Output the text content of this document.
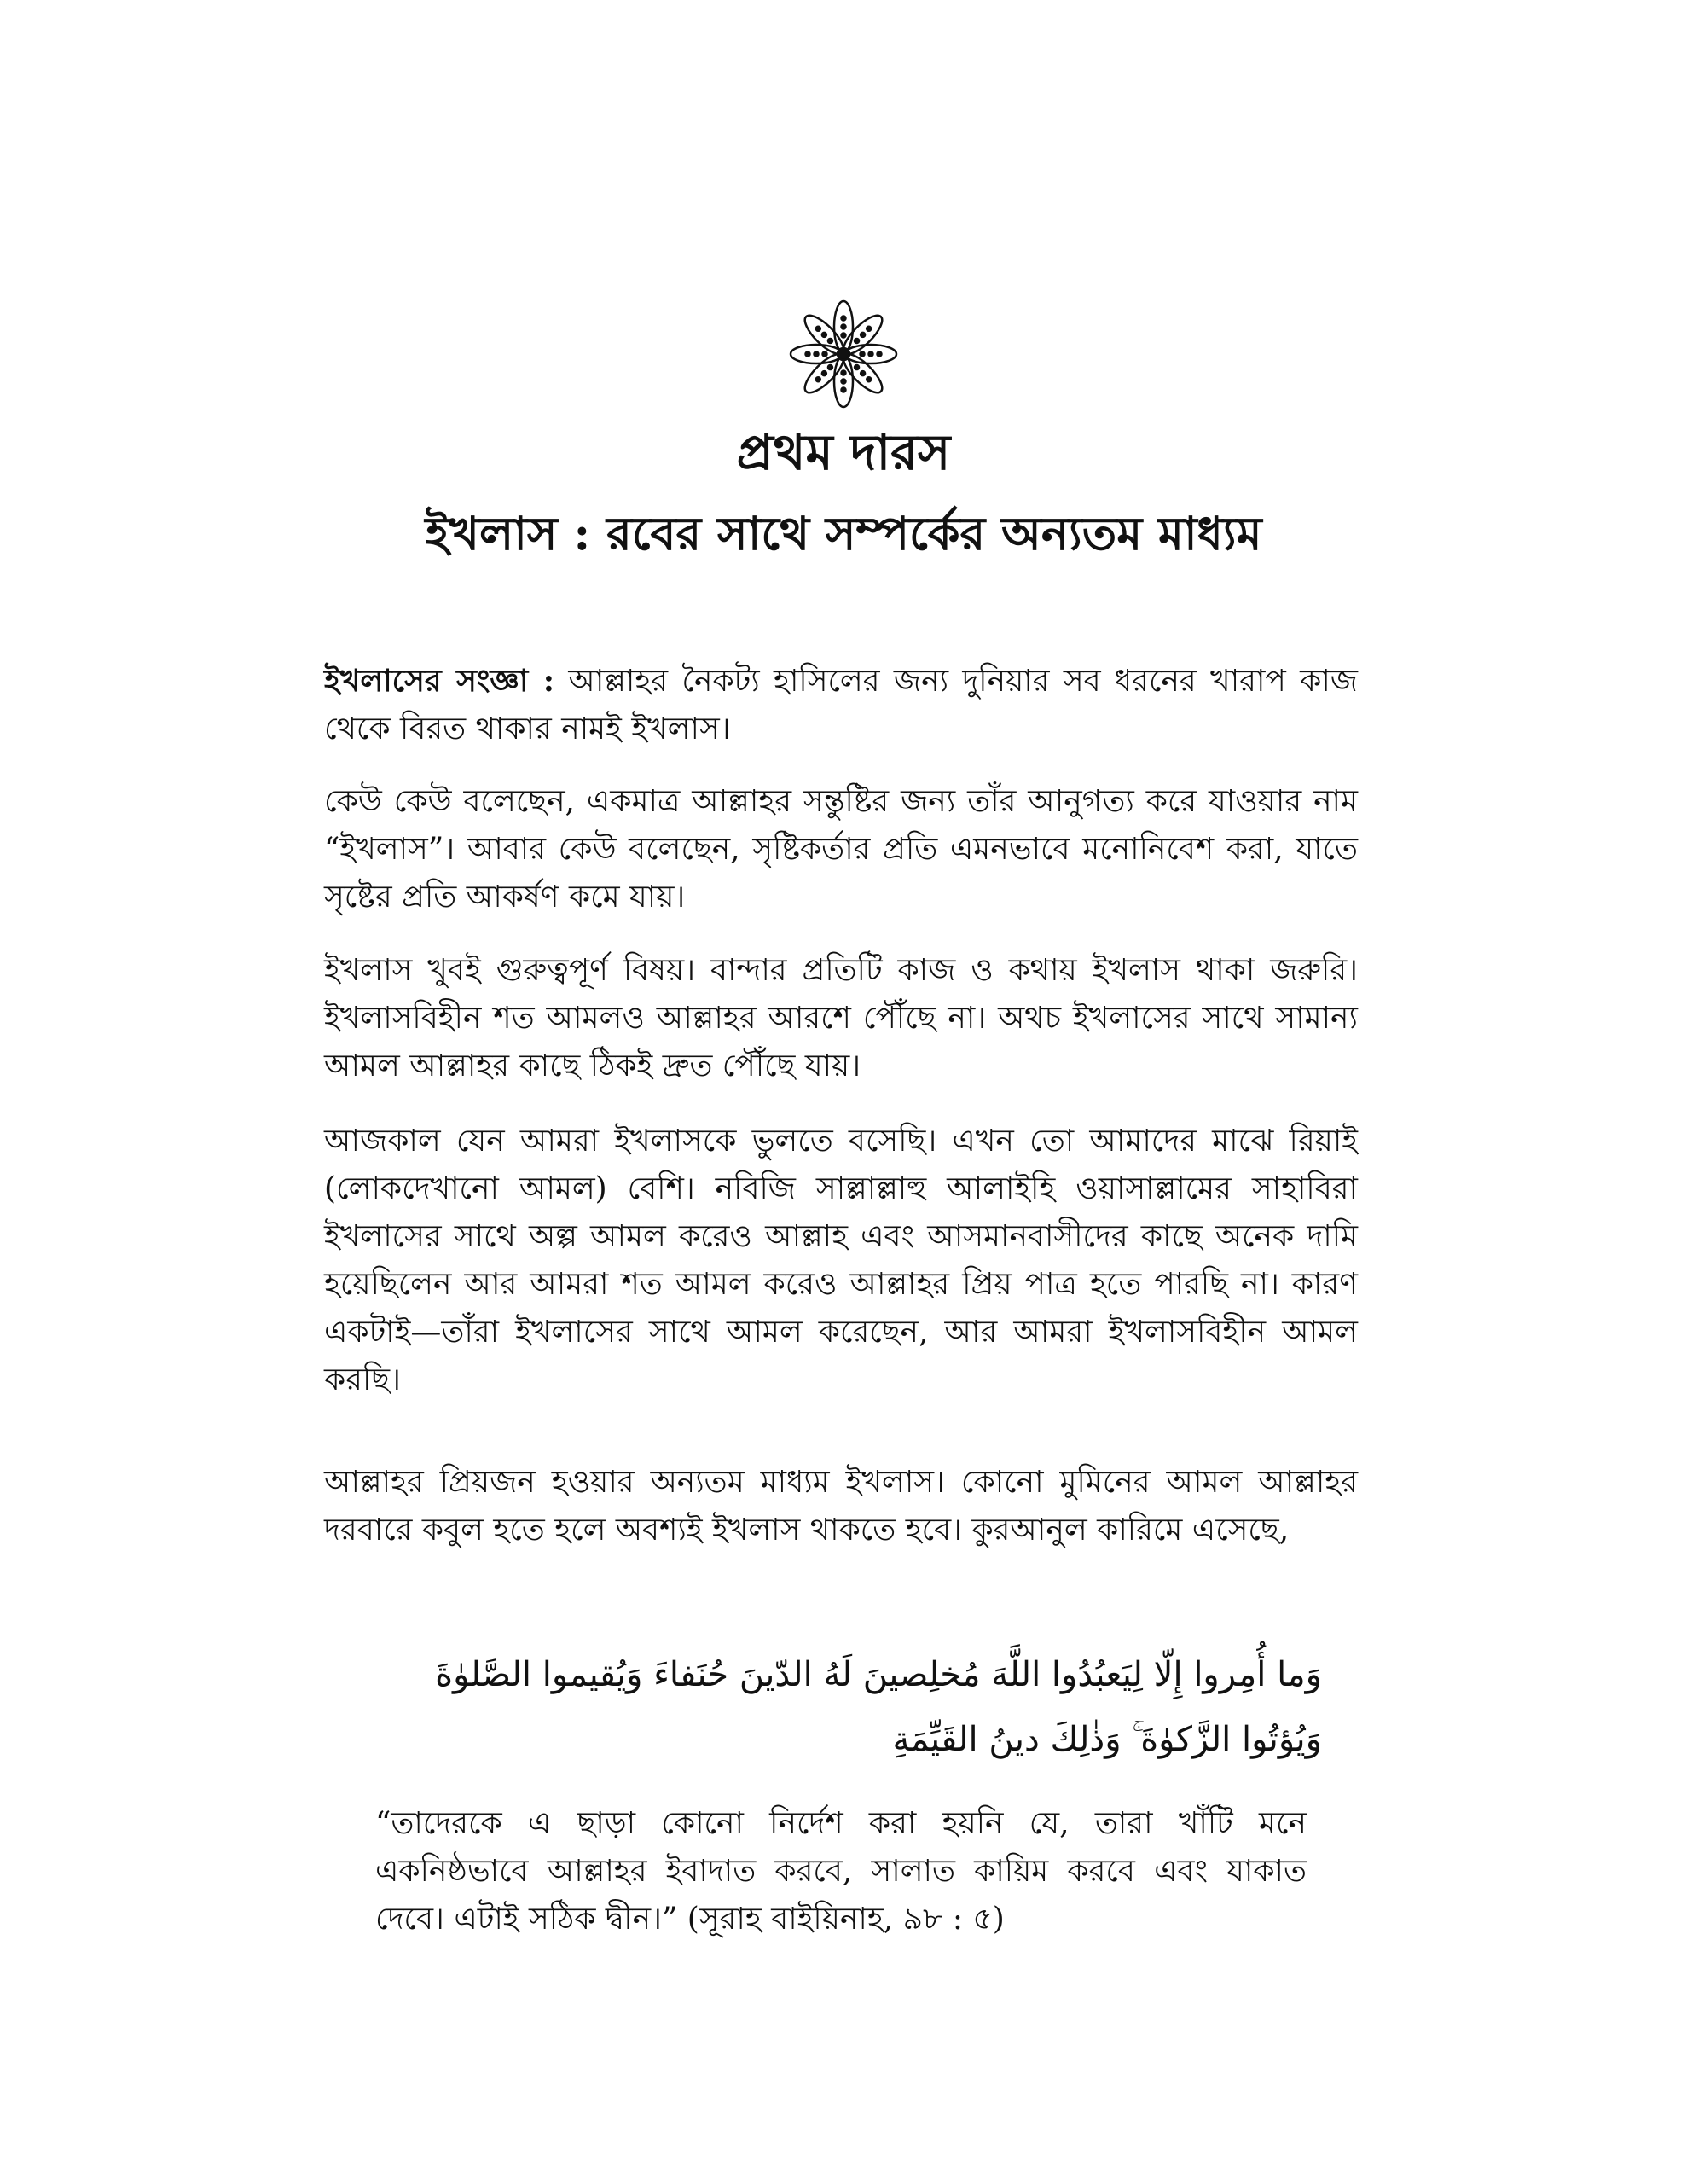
প্রথম দারস
ইখলাস : রবের সাথে সম্পর্কের অন্যতম মাধ্যম

ইখলাসের সংজ্ঞা : আল্লাহর নৈকট্য হাসিলের জন্য দুনিয়ার সব ধরনের খারাপ কাজ থেকে বিরত থাকার নামই ইখলাস।

কেউ কেউ বলেছেন, একমাত্র আল্লাহর সন্তুষ্টির জন্য তাঁর আনুগত্য করে যাওয়ার নাম “ইখলাস”। আবার কেউ বলেছেন, সৃষ্টিকর্তার প্রতি এমনভাবে মনোনিবেশ করা, যাতে সৃষ্টের প্রতি আকর্ষণ কমে যায়।

ইখলাস খুবই গুরুত্বপূর্ণ বিষয়। বান্দার প্রতিটি কাজ ও কথায় ইখলাস থাকা জরুরি। ইখলাসবিহীন শত আমলও আল্লাহর আরশে পৌঁছে না। অথচ ইখলাসের সাথে সামান্য আমল আল্লাহর কাছে ঠিকই দ্রুত পৌঁছে যায়।

আজকাল যেন আমরা ইখলাসকে ভুলতে বসেছি। এখন তো আমাদের মাঝে রিয়াই (লোকদেখানো আমল) বেশি। নবিজি সাল্লাল্লাহু আলাইহি ওয়াসাল্লামের সাহাবিরা ইখলাসের সাথে অল্প আমল করেও আল্লাহ এবং আসমানবাসীদের কাছে অনেক দামি হয়েছিলেন আর আমরা শত আমল করেও আল্লাহর প্রিয় পাত্র হতে পারছি না। কারণ একটাই—তাঁরা ইখলাসের সাথে আমল করেছেন, আর আমরা ইখলাসবিহীন আমল করছি।

আল্লাহর প্রিয়জন হওয়ার অন্যতম মাধ্যম ইখলাস। কোনো মুমিনের আমল আল্লাহর দরবারে কবুল হতে হলে অবশ্যই ইখলাস থাকতে হবে। কুরআনুল কারিমে এসেছে,

وَما أُمِروا إِلّا لِيَعبُدُوا اللَّهَ مُخلِصينَ لَهُ الدّينَ حُنَفاءَ وَيُقيموا الصَّلوٰةَ وَيُؤتُوا الزَّكوٰةَ ۚ وَذٰلِكَ دينُ القَيِّمَةِ

“তাদেরকে এ ছাড়া কোনো নির্দেশ করা হয়নি যে, তারা খাঁটি মনে একনিষ্ঠভাবে আল্লাহর ইবাদাত করবে, সালাত কায়িম করবে এবং যাকাত দেবে। এটাই সঠিক দ্বীন।” (সূরাহ বাইয়িনাহ, ৯৮ : ৫)
